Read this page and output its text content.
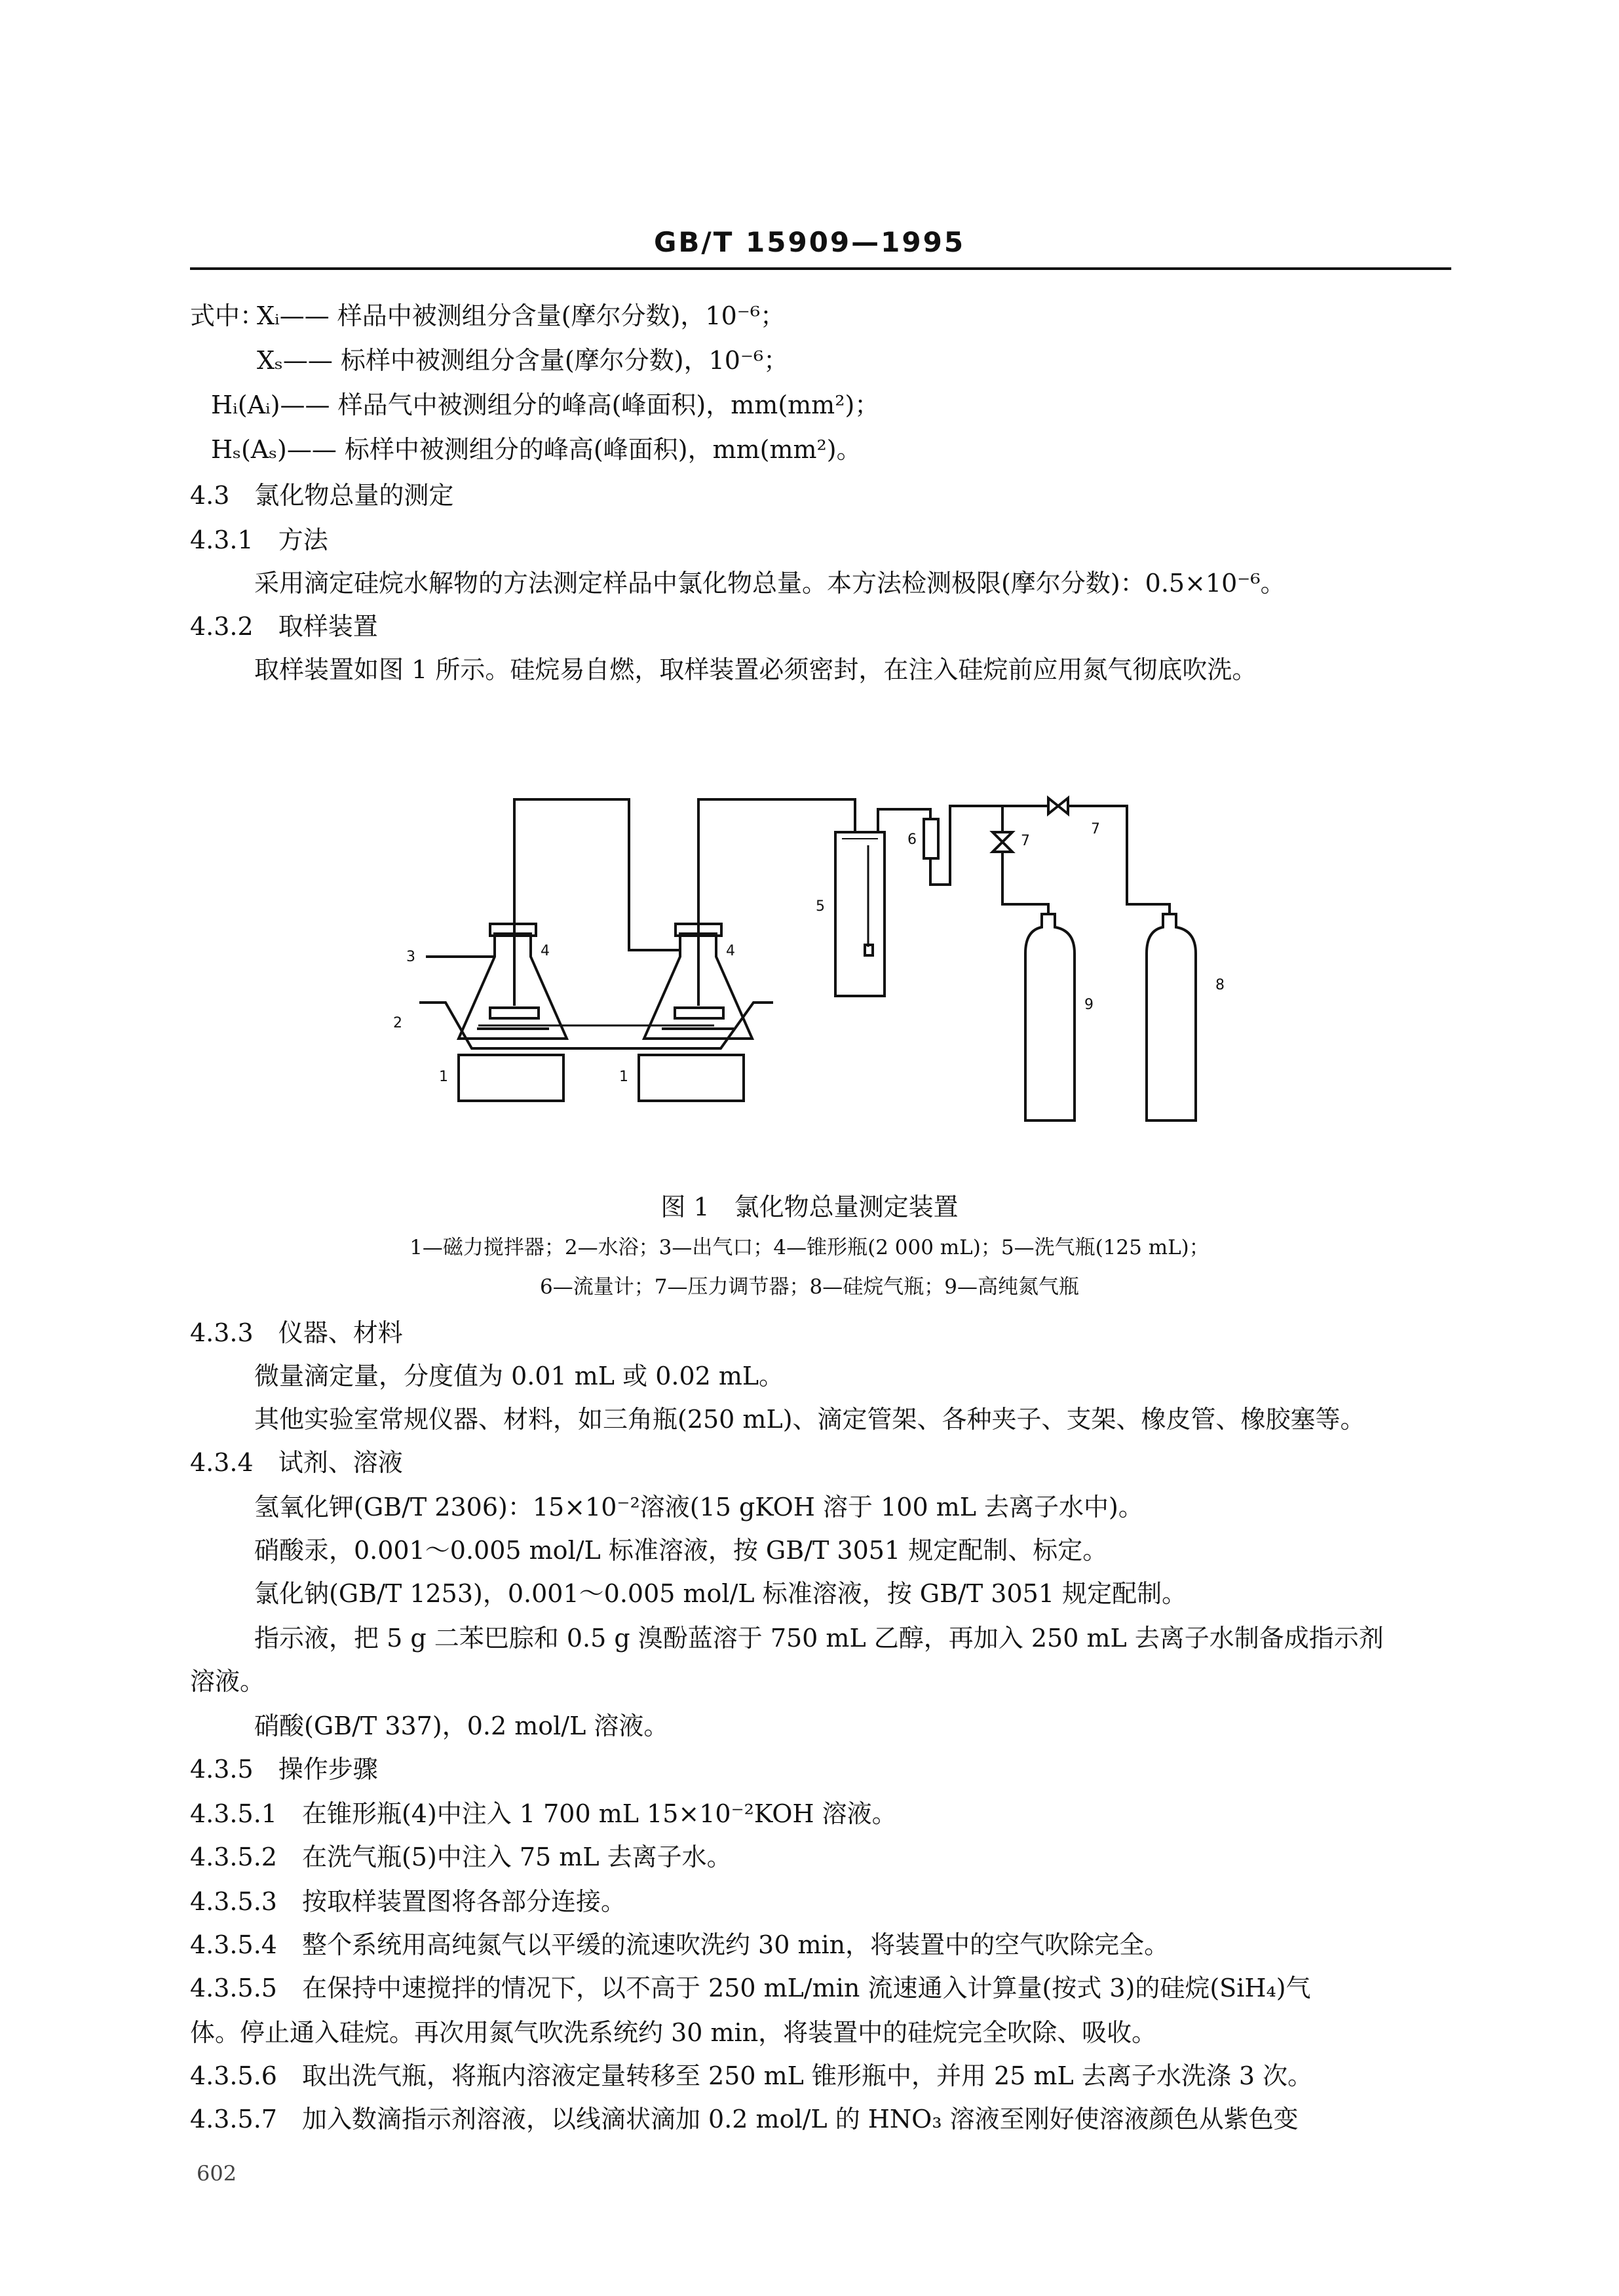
GB/T 15909—1995
式中：
Xᵢ—— 样品中被测组分含量(摩尔分数)，10⁻⁶；
Xₛ—— 标样中被测组分含量(摩尔分数)，10⁻⁶；
Hᵢ(Aᵢ)—— 样品气中被测组分的峰高(峰面积)，mm(mm²)；
Hₛ(Aₛ)—— 标样中被测组分的峰高(峰面积)，mm(mm²)。
4.3　氯化物总量的测定
4.3.1　方法
采用滴定硅烷水解物的方法测定样品中氯化物总量。本方法检测极限(摩尔分数)：0.5×10⁻⁶。
4.3.2　取样装置
取样装置如图 1 所示。硅烷易自燃，取样装置必须密封，在注入硅烷前应用氮气彻底吹洗。
1	1
2
3	4	4
5
6	7
7
8
9
图 1　氯化物总量测定装置
1—磁力搅拌器；2—水浴；3—出气口；4—锥形瓶(2 000 mL)；5—洗气瓶(125 mL)；
6—流量计；7—压力调节器；8—硅烷气瓶；9—高纯氮气瓶
4.3.3　仪器、材料
微量滴定量，分度值为 0.01 mL 或 0.02 mL。
其他实验室常规仪器、材料，如三角瓶(250 mL)、滴定管架、各种夹子、支架、橡皮管、橡胶塞等。
4.3.4　试剂、溶液
氢氧化钾(GB/T 2306)：15×10⁻²溶液(15 gKOH 溶于 100 mL 去离子水中)。
硝酸汞，0.001～0.005 mol/L 标准溶液，按 GB/T 3051 规定配制、标定。
氯化钠(GB/T 1253)，0.001～0.005 mol/L 标准溶液，按 GB/T 3051 规定配制。
指示液，把 5 g 二苯巴腙和 0.5 g 溴酚蓝溶于 750 mL 乙醇，再加入 250 mL 去离子水制备成指示剂
溶液。
硝酸(GB/T 337)，0.2 mol/L 溶液。
4.3.5　操作步骤
4.3.5.1　在锥形瓶(4)中注入 1 700 mL 15×10⁻²KOH 溶液。
4.3.5.2　在洗气瓶(5)中注入 75 mL 去离子水。
4.3.5.3　按取样装置图将各部分连接。
4.3.5.4　整个系统用高纯氮气以平缓的流速吹洗约 30 min，将装置中的空气吹除完全。
4.3.5.5　在保持中速搅拌的情况下，以不高于 250 mL/min 流速通入计算量(按式 3)的硅烷(SiH₄)气
体。停止通入硅烷。再次用氮气吹洗系统约 30 min，将装置中的硅烷完全吹除、吸收。
4.3.5.6　取出洗气瓶，将瓶内溶液定量转移至 250 mL 锥形瓶中，并用 25 mL 去离子水洗涤 3 次。
4.3.5.7　加入数滴指示剂溶液，以线滴状滴加 0.2 mol/L 的 HNO₃ 溶液至刚好使溶液颜色从紫色变
602
